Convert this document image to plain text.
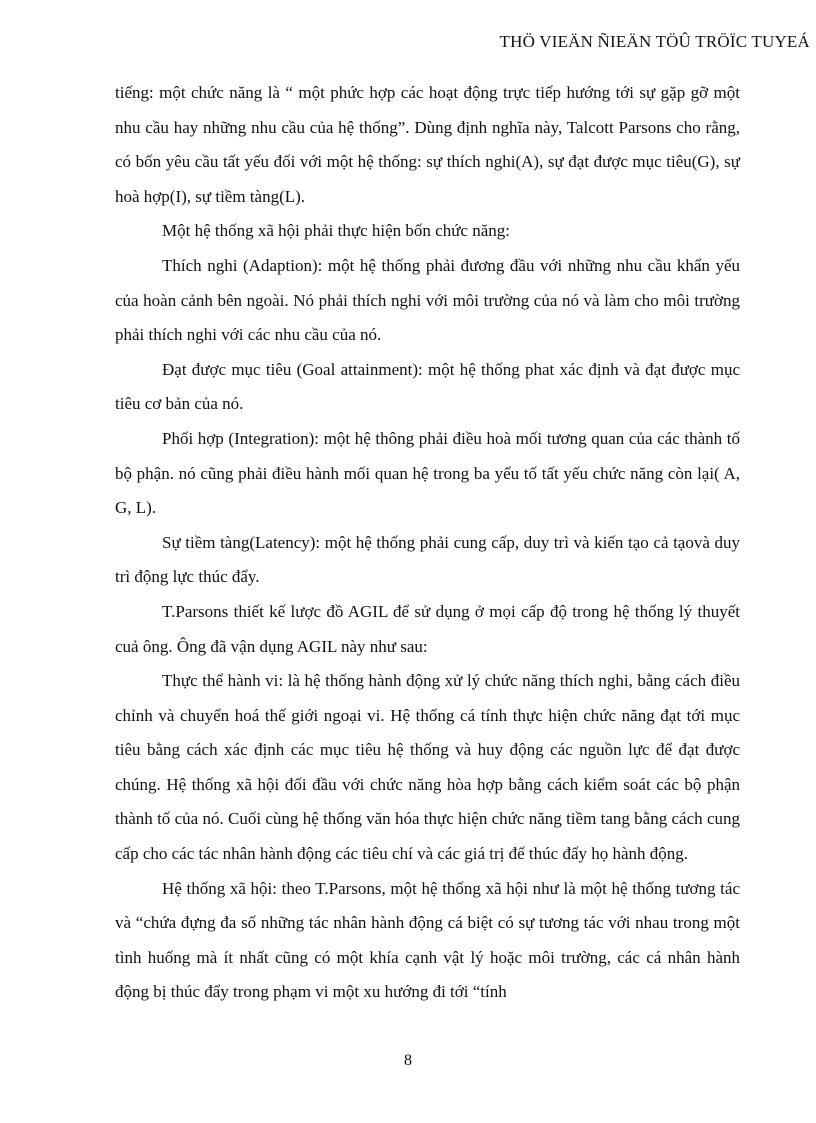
THÖ VIEÄN ÑIEÄN TÖÛ TRÖÏC TUYEÁ

tiếng: một chức năng là “ một phức hợp các hoạt động trực tiếp hướng tới sự gặp gỡ một nhu cầu hay những nhu cầu của hệ thống”. Dùng định nghĩa này, Talcott Parsons cho rằng, có bốn yêu cầu tất yếu đối với một hệ thống: sự thích nghi(A), sự đạt được mục tiêu(G), sự hoà hợp(I), sự tiềm tàng(L).

Một hệ thống xã hội phải thực hiện bốn chức năng:

Thích nghi (Adaption): một hệ thống phải đương đầu với những nhu cầu khẩn yếu của hoàn cảnh bên ngoài. Nó phải thích nghi với môi trường của nó và làm cho môi trường phải thích nghi với các nhu cầu của nó.

Đạt được mục tiêu (Goal attainment): một hệ thống phat xác định và đạt được mục tiêu cơ bản của nó.

Phối hợp (Integration): một hệ thông phải điều hoà mối tương quan của các thành tố bộ phận. nó cũng phải điều hành mối quan hệ trong ba yếu tố tất yếu chức năng còn lại( A, G, L).

Sự tiềm tàng(Latency): một hệ thống phải cung cấp, duy trì và kiến tạo cả tạovà duy trì động lực thúc đẩy.

T.Parsons thiết kế lược đồ AGIL để sử dụng ở mọi cấp độ trong hệ thống lý thuyết cuả ông. Ông đã vận dụng AGIL này như sau:

Thực thể hành vi: là hệ thống hành động xử lý chức năng thích nghi, bằng cách điều chỉnh và chuyển hoá thế giới ngoại vi. Hệ thống cá tính thực hiện chức năng đạt tới mục tiêu bằng cách xác định các mục tiêu hệ thống và huy động các nguồn lực để đạt được chúng. Hệ thống xã hội đối đầu với chức năng hòa hợp bằng cách kiểm soát các bộ phận thành tố của nó. Cuối cùng hệ thống văn hóa thực hiện chức năng tiềm tang bằng cách cung cấp cho các tác nhân hành động các tiêu chí và các giá trị để thúc đẩy họ hành động.

Hệ thống xã hội: theo T.Parsons, một hệ thống xã hội như là một hệ thống tương tác và “chứa đựng đa số những tác nhân hành động cá biệt có sự tương tác với nhau trong một tình huống mà ít nhất cũng có một khía cạnh vật lý hoặc môi trường, các cá nhân hành động bị thúc đẩy trong phạm vi một xu hướng đi tới “tính

8
